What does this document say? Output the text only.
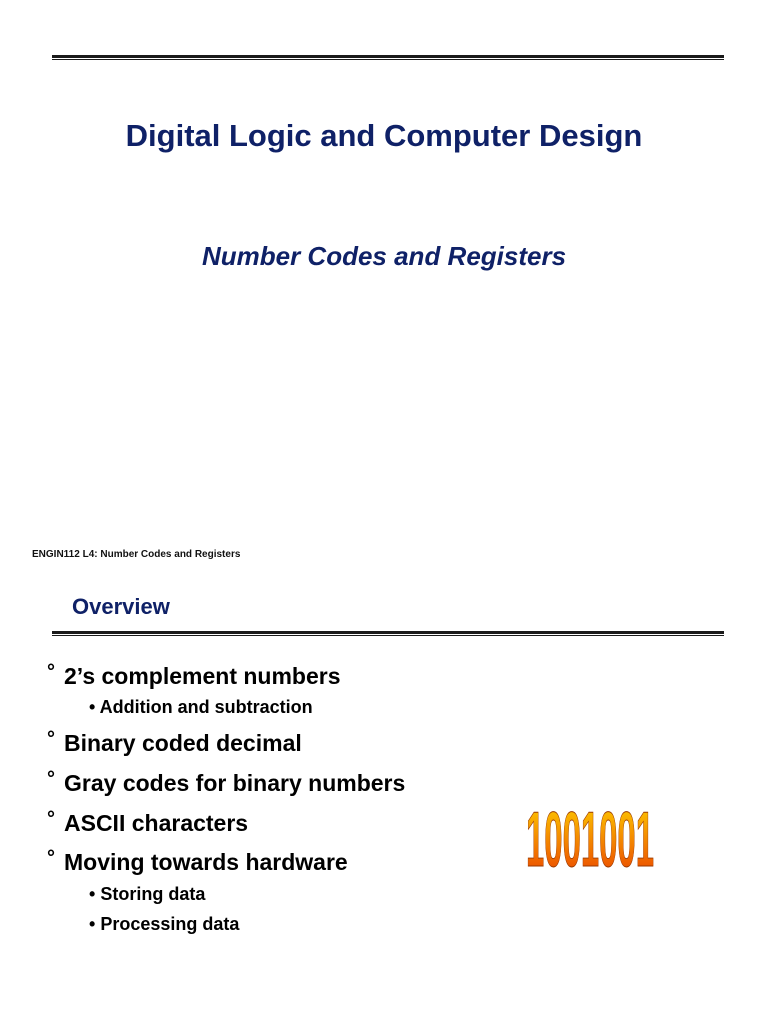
Digital Logic and Computer Design
Number Codes and Registers
ENGIN112 L4: Number Codes and Registers
Overview
° 2’s complement numbers
• Addition and subtraction
° Binary coded decimal
° Gray codes for binary numbers
° ASCII characters
° Moving towards hardware
• Storing data
• Processing data
1001001
